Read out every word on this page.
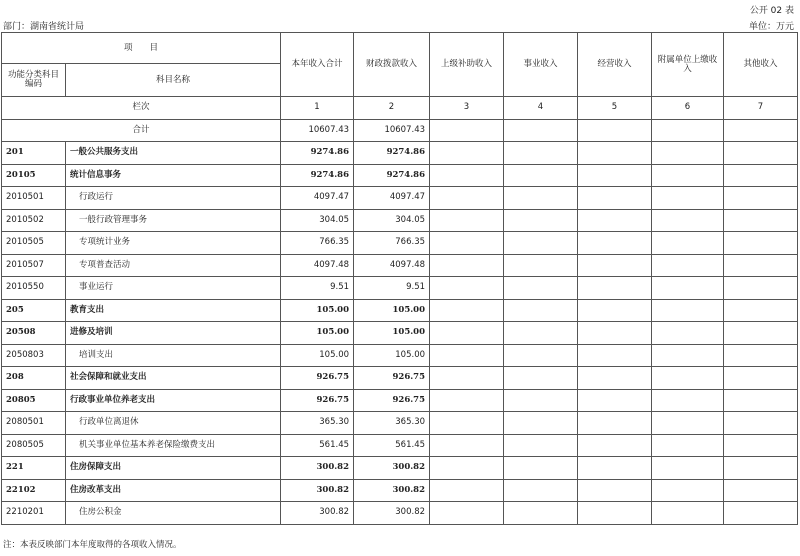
公开 02 表
部门：湖南省统计局	单位：万元
项　　目		本年收入合计	财政拨款收入	上级补助收入	事业收入	经营收入	附属单位上缴收入	其他收入
功能分类科目编码	科目名称							
栏次		1	2	3	4	5	6	7
合计		10607.43	10607.43					
201	一般公共服务支出	9274.86	9274.86					
20105	统计信息事务	9274.86	9274.86					
2010501	行政运行	4097.47	4097.47					
2010502	一般行政管理事务	304.05	304.05					
2010505	专项统计业务	766.35	766.35					
2010507	专项普查活动	4097.48	4097.48					
2010550	事业运行	9.51	9.51					
205	教育支出	105.00	105.00					
20508	进修及培训	105.00	105.00					
2050803	培训支出	105.00	105.00					
208	社会保障和就业支出	926.75	926.75					
20805	行政事业单位养老支出	926.75	926.75					
2080501	行政单位离退休	365.30	365.30					
2080505	机关事业单位基本养老保险缴费支出	561.45	561.45					
221	住房保障支出	300.82	300.82					
22102	住房改革支出	300.82	300.82					
2210201	住房公积金	300.82	300.82					
注：本表反映部门本年度取得的各项收入情况。
